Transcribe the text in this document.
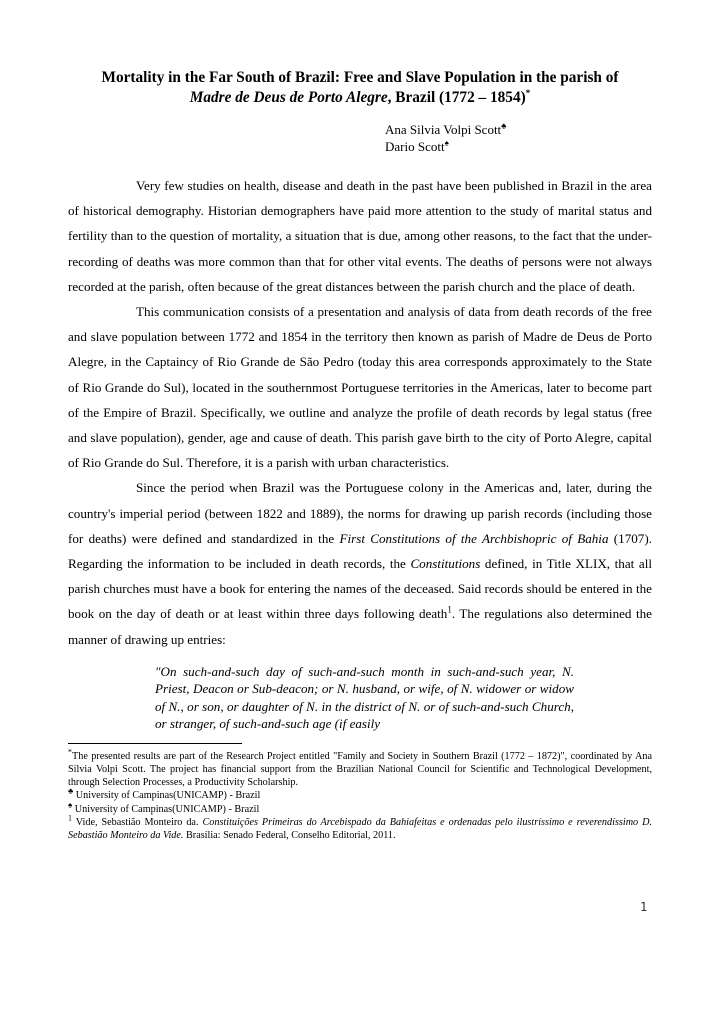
Mortality in the Far South of Brazil: Free and Slave Population in the parish of
Madre de Deus de Porto Alegre, Brazil (1772 – 1854)*
Ana Silvia Volpi Scott♣
Dario Scott♠

Very few studies on health, disease and death in the past have been published in Brazil in the area of historical demography. Historian demographers have paid more attention to the study of marital status and fertility than to the question of mortality, a situation that is due, among other reasons, to the fact that the under-recording of deaths was more common than that for other vital events. The deaths of persons were not always recorded at the parish, often because of the great distances between the parish church and the place of death.

This communication consists of a presentation and analysis of data from death records of the free and slave population between 1772 and 1854 in the territory then known as parish of Madre de Deus de Porto Alegre, in the Captaincy of Rio Grande de São Pedro (today this area corresponds approximately to the State of Rio Grande do Sul), located in the southernmost Portuguese territories in the Americas, later to become part of the Empire of Brazil. Specifically, we outline and analyze the profile of death records by legal status (free and slave population), gender, age and cause of death. This parish gave birth to the city of Porto Alegre, capital of Rio Grande do Sul. Therefore, it is a parish with urban characteristics.

Since the period when Brazil was the Portuguese colony in the Americas and, later, during the country's imperial period (between 1822 and 1889), the norms for drawing up parish records (including those for deaths) were defined and standardized in the First Constitutions of the Archbishopric of Bahia (1707). Regarding the information to be included in death records, the Constitutions defined, in Title XLIX, that all parish churches must have a book for entering the names of the deceased. Said records should be entered in the book on the day of death or at least within three days following death$^1$. The regulations also determined the manner of drawing up entries:

"On such-and-such day of such-and-such month in such-and-such year, N. Priest, Deacon or Sub-deacon; or N. husband, or wife, of N. widower or widow of N., or son, or daughter of N. in the district of N. or of such-and-such Church, or stranger, of such-and-such age (if easily
*The presented results are part of the Research Project entitled "Family and Society in Southern Brazil (1772 – 1872)", coordinated by Ana Silvia Volpi Scott. The project has financial support from the Brazilian National Council for Scientific and Technological Development, through Selection Processes, a Productivity Scholarship.
♣ University of Campinas(UNICAMP) - Brazil
♠ University of Campinas(UNICAMP) - Brazil
$^1$ Vide, Sebastião Monteiro da. Constituições Primeiras do Arcebispado da Bahiafeitas e ordenadas pelo ilustríssimo e reverendíssimo D. Sebastião Monteiro da Vide. Brasília: Senado Federal, Conselho Editorial, 2011.
1
